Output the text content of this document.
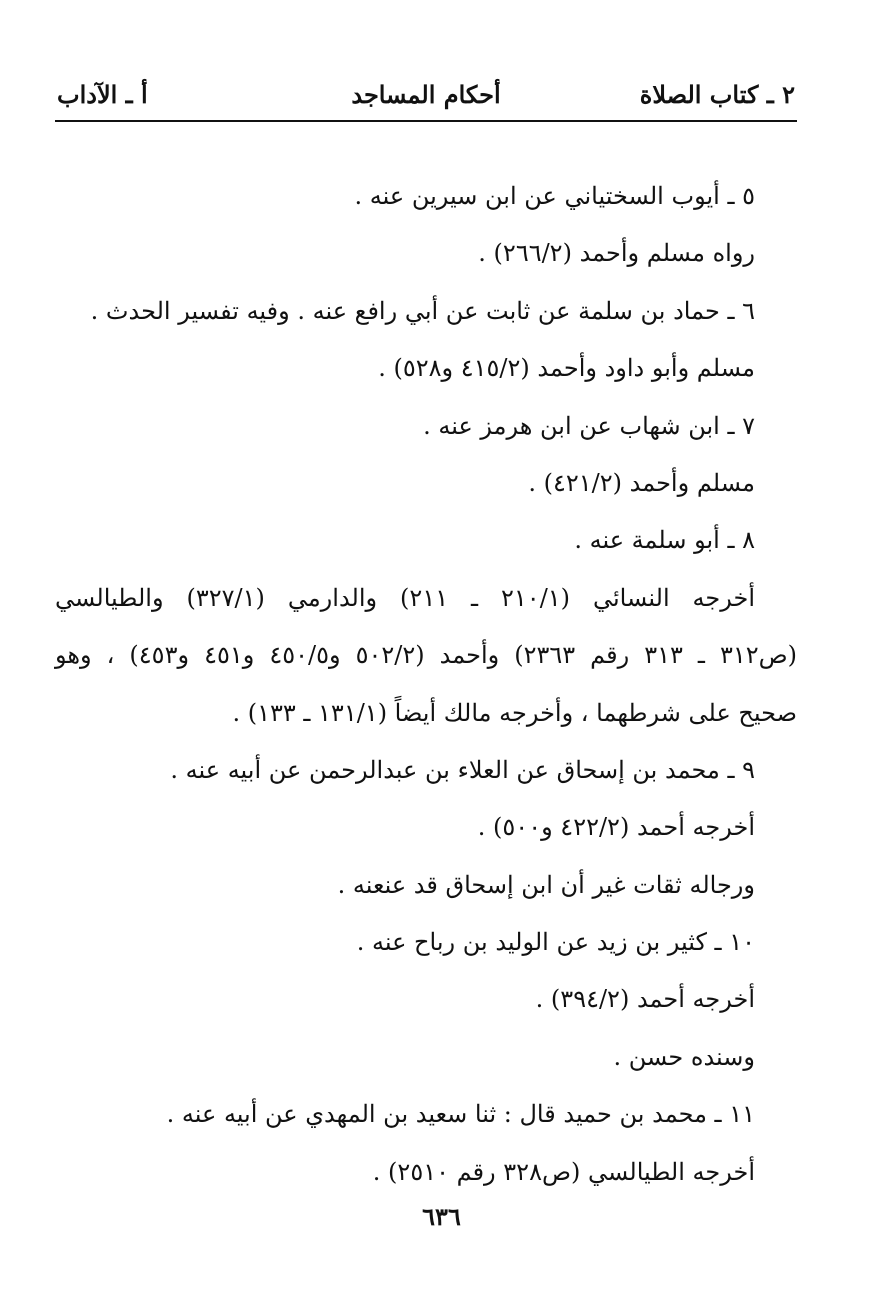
٢ ـ كتاب الصلاة
أحكام المساجد
أ ـ الآداب
٥ ـ أيوب السختياني عن ابن سيرين عنه .
رواه مسلم وأحمد (٢٦٦/٢) .
٦ ـ حماد بن سلمة عن ثابت عن أبي رافع عنه . وفيه تفسير الحدث .
مسلم وأبو داود وأحمد (٤١٥/٢ و٥٢٨) .
٧ ـ ابن شهاب عن ابن هرمز عنه .
مسلم وأحمد (٤٢١/٢) .
٨ ـ أبو سلمة عنه .
أخرجه النسائي (٢١٠/١ ـ ٢١١) والدارمي (٣٢٧/١) والطيالسي
(ص٣١٢ ـ ٣١٣ رقم ٢٣٦٣) وأحمد (٥٠٢/٢ و٤٥٠/٥ و٤٥١ و٤٥٣) ، وهو
صحيح على شرطهما ، وأخرجه مالك أيضاً (١٣١/١ ـ ١٣٣) .
٩ ـ محمد بن إسحاق عن العلاء بن عبدالرحمن عن أبيه عنه .
أخرجه أحمد (٤٢٢/٢ و٥٠٠) .
ورجاله ثقات غير أن ابن إسحاق قد عنعنه .
١٠ ـ كثير بن زيد عن الوليد بن رباح عنه .
أخرجه أحمد (٣٩٤/٢) .
وسنده حسن .
١١ ـ محمد بن حميد قال : ثنا سعيد بن المهدي عن أبيه عنه .
أخرجه الطيالسي (ص٣٢٨ رقم ٢٥١٠) .
٦٣٦
